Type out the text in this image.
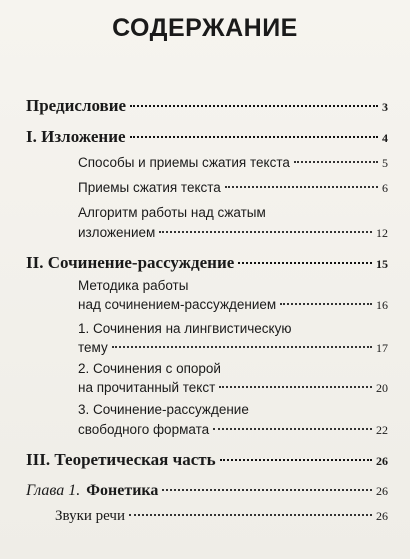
СОДЕРЖАНИЕ
Предисловие	3
I. Изложение	4
Способы и приемы сжатия текста	5
Приемы сжатия текста	6
Алгоритм работы над сжатым
изложением	12
II. Сочинение-рассуждение	15
Методика работы
над сочинением-рассуждением	16
1. Сочинения на лингвистическую
тему	17
2. Сочинения с опорой
на прочитанный текст	20
3. Сочинение-рассуждение
свободного формата	22
III. Теоретическая часть	26
Глава 1. Фонетика	26
Звуки речи	26
